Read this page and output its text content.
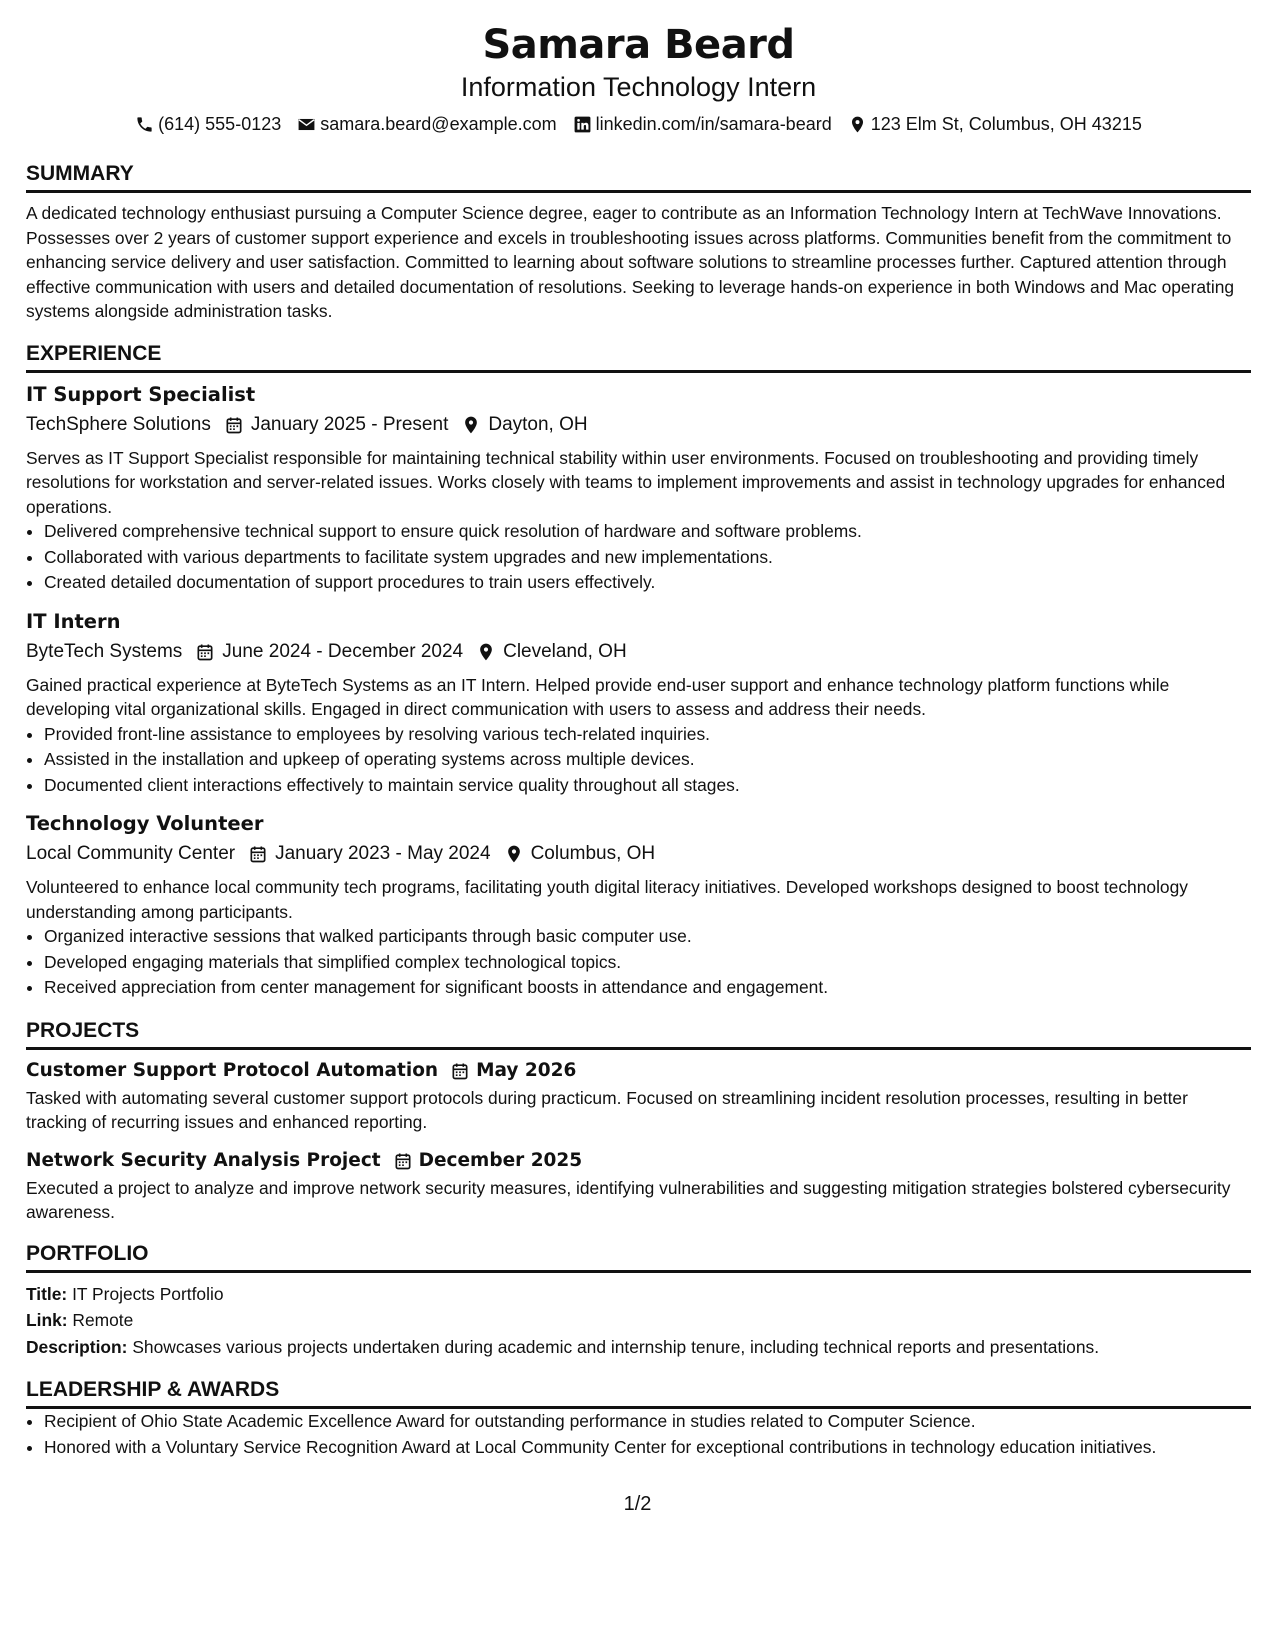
Samara Beard
Information Technology Intern
(614) 555-0123 samara.beard@example.com linkedin.com/in/samara-beard 123 Elm St, Columbus, OH 43215
SUMMARY
A dedicated technology enthusiast pursuing a Computer Science degree, eager to contribute as an Information Technology Intern at TechWave Innovations. Possesses over 2 years of customer support experience and excels in troubleshooting issues across platforms. Communities benefit from the commitment to enhancing service delivery and user satisfaction. Committed to learning about software solutions to streamline processes further. Captured attention through effective communication with users and detailed documentation of resolutions. Seeking to leverage hands-on experience in both Windows and Mac operating systems alongside administration tasks.
EXPERIENCE
IT Support Specialist
TechSphere Solutions January 2025 - Present Dayton, OH
Serves as IT Support Specialist responsible for maintaining technical stability within user environments. Focused on troubleshooting and providing timely resolutions for workstation and server-related issues. Works closely with teams to implement improvements and assist in technology upgrades for enhanced operations.
• Delivered comprehensive technical support to ensure quick resolution of hardware and software problems.
• Collaborated with various departments to facilitate system upgrades and new implementations.
• Created detailed documentation of support procedures to train users effectively.
IT Intern
ByteTech Systems June 2024 - December 2024 Cleveland, OH
Gained practical experience at ByteTech Systems as an IT Intern. Helped provide end-user support and enhance technology platform functions while developing vital organizational skills. Engaged in direct communication with users to assess and address their needs.
• Provided front-line assistance to employees by resolving various tech-related inquiries.
• Assisted in the installation and upkeep of operating systems across multiple devices.
• Documented client interactions effectively to maintain service quality throughout all stages.
Technology Volunteer
Local Community Center January 2023 - May 2024 Columbus, OH
Volunteered to enhance local community tech programs, facilitating youth digital literacy initiatives. Developed workshops designed to boost technology understanding among participants.
• Organized interactive sessions that walked participants through basic computer use.
• Developed engaging materials that simplified complex technological topics.
• Received appreciation from center management for significant boosts in attendance and engagement.
PROJECTS
Customer Support Protocol Automation May 2026
Tasked with automating several customer support protocols during practicum. Focused on streamlining incident resolution processes, resulting in better tracking of recurring issues and enhanced reporting.
Network Security Analysis Project December 2025
Executed a project to analyze and improve network security measures, identifying vulnerabilities and suggesting mitigation strategies bolstered cybersecurity awareness.
PORTFOLIO
Title: IT Projects Portfolio
Link: Remote
Description: Showcases various projects undertaken during academic and internship tenure, including technical reports and presentations.
LEADERSHIP & AWARDS
• Recipient of Ohio State Academic Excellence Award for outstanding performance in studies related to Computer Science.
• Honored with a Voluntary Service Recognition Award at Local Community Center for exceptional contributions in technology education initiatives.
1/2
